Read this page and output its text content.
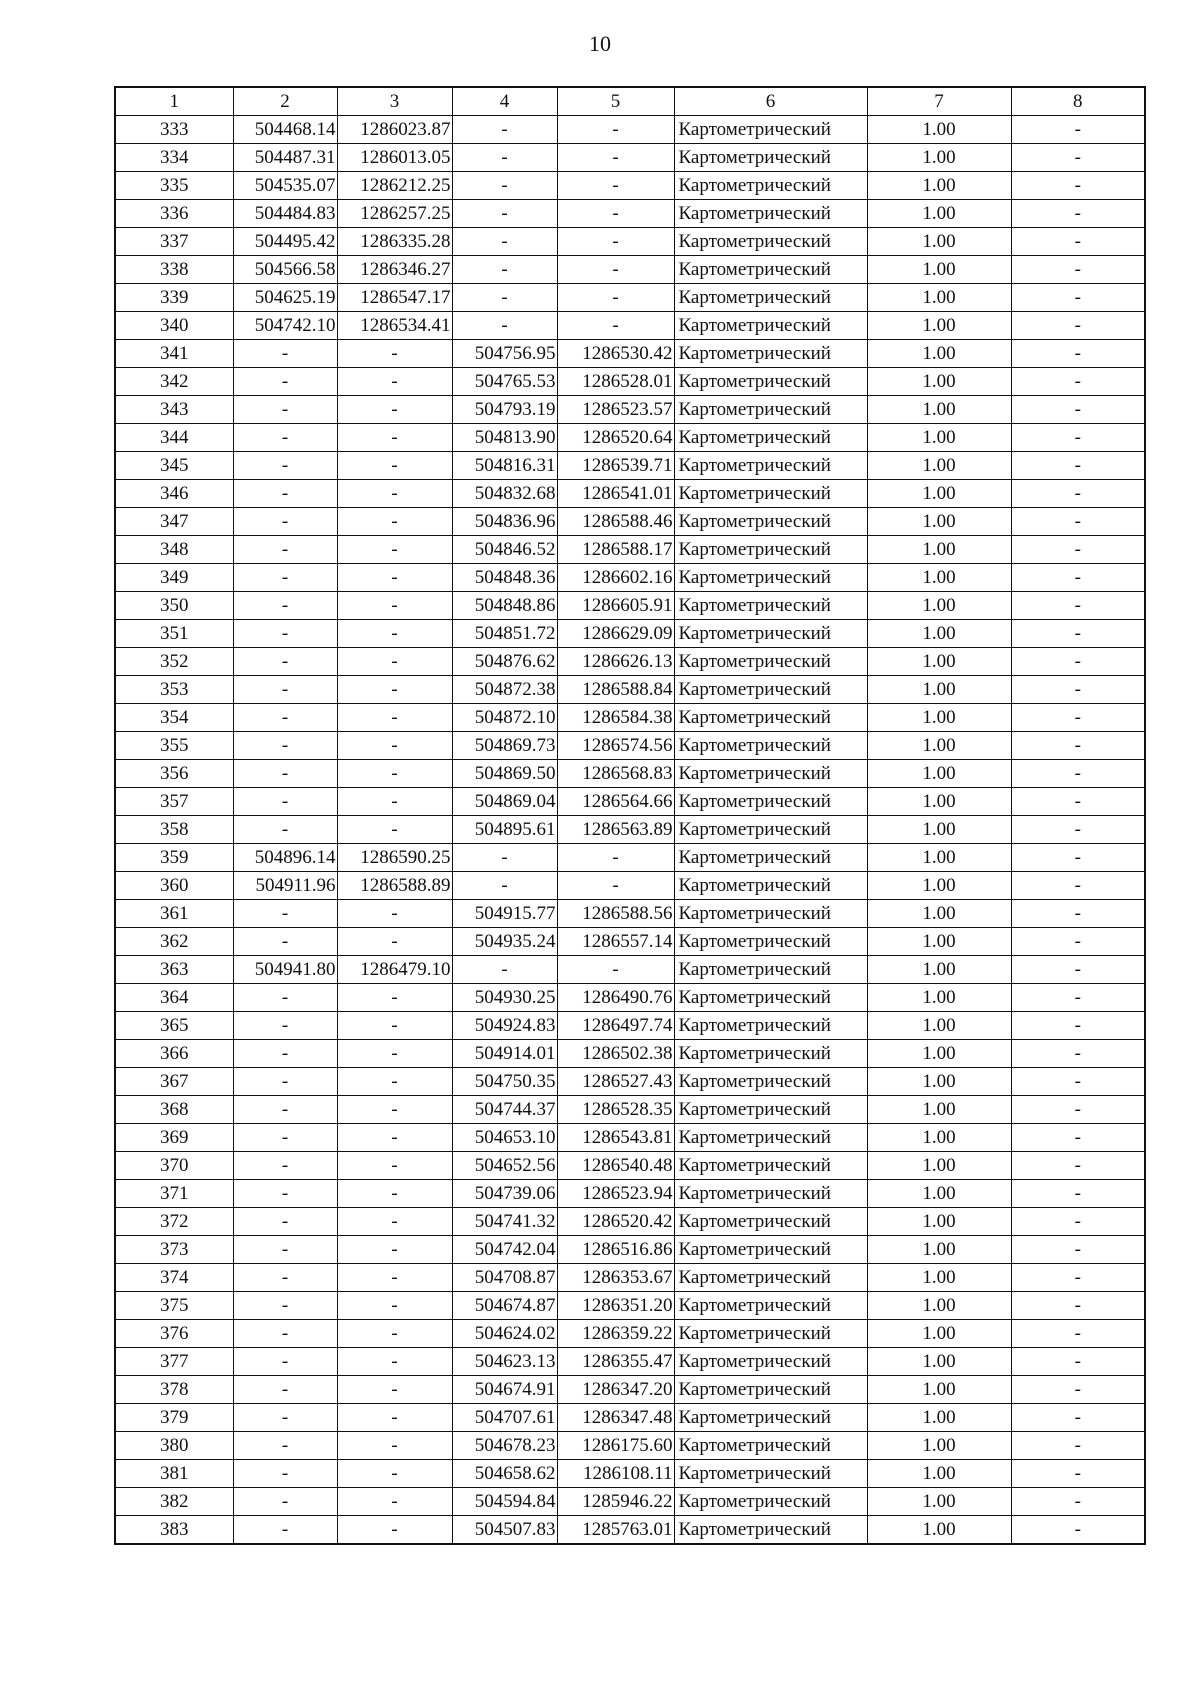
10
1	2	3	4	5	6	7	8
333	504468.14	1286023.87	-	-	Картометрический	1.00	-
334	504487.31	1286013.05	-	-	Картометрический	1.00	-
335	504535.07	1286212.25	-	-	Картометрический	1.00	-
336	504484.83	1286257.25	-	-	Картометрический	1.00	-
337	504495.42	1286335.28	-	-	Картометрический	1.00	-
338	504566.58	1286346.27	-	-	Картометрический	1.00	-
339	504625.19	1286547.17	-	-	Картометрический	1.00	-
340	504742.10	1286534.41	-	-	Картометрический	1.00	-
341	-	-	504756.95	1286530.42	Картометрический	1.00	-
342	-	-	504765.53	1286528.01	Картометрический	1.00	-
343	-	-	504793.19	1286523.57	Картометрический	1.00	-
344	-	-	504813.90	1286520.64	Картометрический	1.00	-
345	-	-	504816.31	1286539.71	Картометрический	1.00	-
346	-	-	504832.68	1286541.01	Картометрический	1.00	-
347	-	-	504836.96	1286588.46	Картометрический	1.00	-
348	-	-	504846.52	1286588.17	Картометрический	1.00	-
349	-	-	504848.36	1286602.16	Картометрический	1.00	-
350	-	-	504848.86	1286605.91	Картометрический	1.00	-
351	-	-	504851.72	1286629.09	Картометрический	1.00	-
352	-	-	504876.62	1286626.13	Картометрический	1.00	-
353	-	-	504872.38	1286588.84	Картометрический	1.00	-
354	-	-	504872.10	1286584.38	Картометрический	1.00	-
355	-	-	504869.73	1286574.56	Картометрический	1.00	-
356	-	-	504869.50	1286568.83	Картометрический	1.00	-
357	-	-	504869.04	1286564.66	Картометрический	1.00	-
358	-	-	504895.61	1286563.89	Картометрический	1.00	-
359	504896.14	1286590.25	-	-	Картометрический	1.00	-
360	504911.96	1286588.89	-	-	Картометрический	1.00	-
361	-	-	504915.77	1286588.56	Картометрический	1.00	-
362	-	-	504935.24	1286557.14	Картометрический	1.00	-
363	504941.80	1286479.10	-	-	Картометрический	1.00	-
364	-	-	504930.25	1286490.76	Картометрический	1.00	-
365	-	-	504924.83	1286497.74	Картометрический	1.00	-
366	-	-	504914.01	1286502.38	Картометрический	1.00	-
367	-	-	504750.35	1286527.43	Картометрический	1.00	-
368	-	-	504744.37	1286528.35	Картометрический	1.00	-
369	-	-	504653.10	1286543.81	Картометрический	1.00	-
370	-	-	504652.56	1286540.48	Картометрический	1.00	-
371	-	-	504739.06	1286523.94	Картометрический	1.00	-
372	-	-	504741.32	1286520.42	Картометрический	1.00	-
373	-	-	504742.04	1286516.86	Картометрический	1.00	-
374	-	-	504708.87	1286353.67	Картометрический	1.00	-
375	-	-	504674.87	1286351.20	Картометрический	1.00	-
376	-	-	504624.02	1286359.22	Картометрический	1.00	-
377	-	-	504623.13	1286355.47	Картометрический	1.00	-
378	-	-	504674.91	1286347.20	Картометрический	1.00	-
379	-	-	504707.61	1286347.48	Картометрический	1.00	-
380	-	-	504678.23	1286175.60	Картометрический	1.00	-
381	-	-	504658.62	1286108.11	Картометрический	1.00	-
382	-	-	504594.84	1285946.22	Картометрический	1.00	-
383	-	-	504507.83	1285763.01	Картометрический	1.00	-
